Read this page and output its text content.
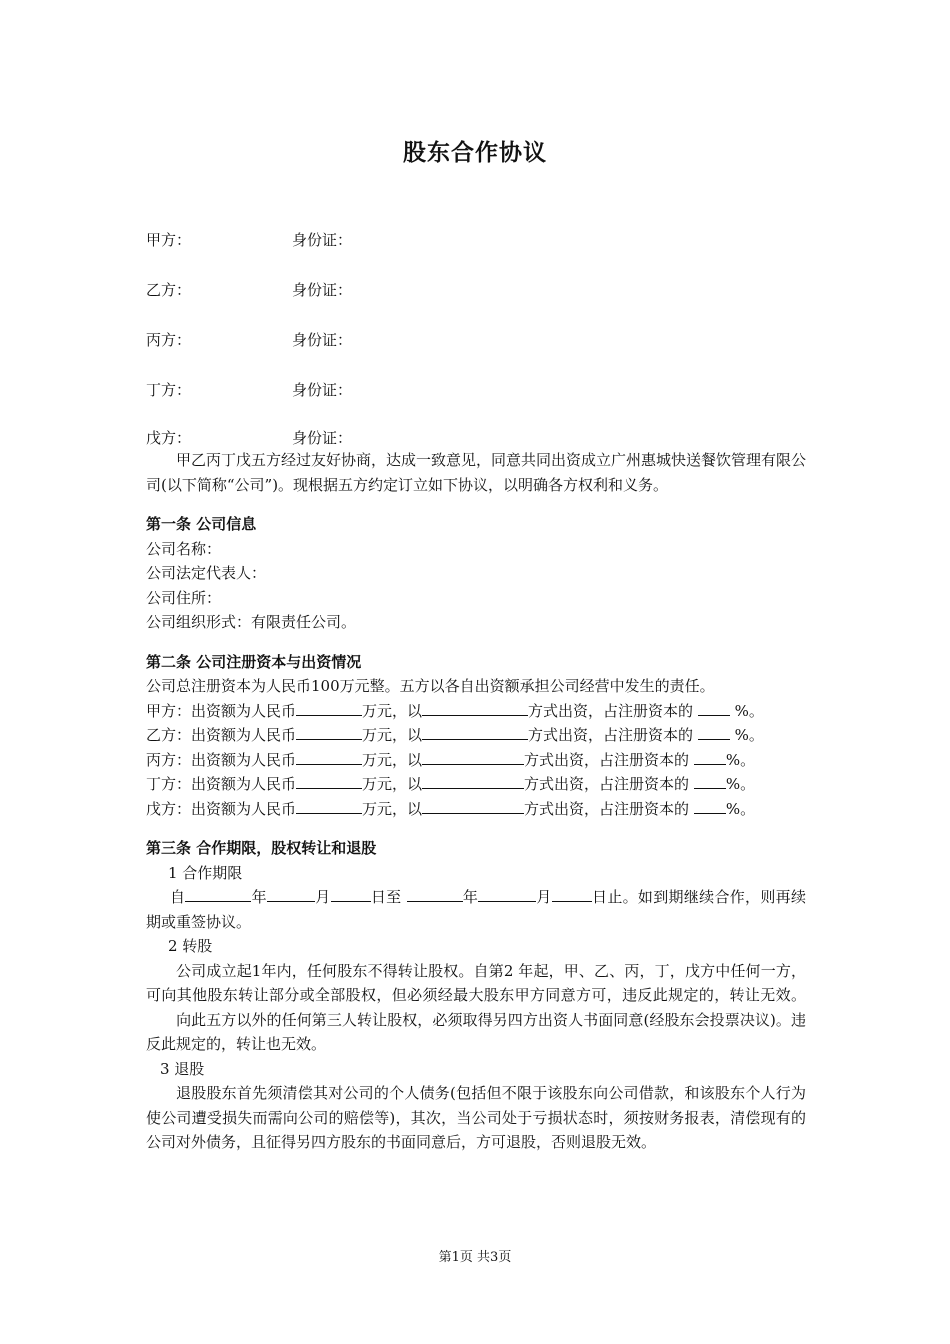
股东合作协议
甲方：	身份证：
乙方：	身份证：
丙方：	身份证：
丁方：	身份证：
戊方：	身份证：

甲乙丙丁戊五方经过友好协商，达成一致意见，同意共同出资成立广州惠城快送餐饮管理有限公司(以下简称“公司”)。现根据五方约定订立如下协议，以明确各方权利和义务。

第一条 公司信息

公司名称：

公司法定代表人：

公司住所：

公司组织形式：有限责任公司。

第二条 公司注册资本与出资情况

公司总注册资本为人民币100万元整。五方以各自出资额承担公司经营中发生的责任。

甲方：出资额为人民币	万元，以	方式出资，占注册资本的	%。

乙方：出资额为人民币	万元，以	方式出资，占注册资本的	%。

丙方：出资额为人民币	万元，以	方式出资，占注册资本的 %。

丁方：出资额为人民币	万元，以	方式出资，占注册资本的 %。

戊方：出资额为人民币	万元，以	方式出资，占注册资本的 %。

第三条 合作期限，股权转让和退股

1 合作期限

自	年	月	日至	年	月	日止。如到期继续合作，则再续期或重签协议。

2 转股

公司成立起1年内，任何股东不得转让股权。自第2 年起，甲、乙、丙，丁，戊方中任何一方，可向其他股东转让部分或全部股权，但必须经最大股东甲方同意方可，违反此规定的，转让无效。向此五方以外的任何第三人转让股权，必须取得另四方出资人书面同意(经股东会投票决议)。违反此规定的，转让也无效。

3 退股

退股股东首先须清偿其对公司的个人债务(包括但不限于该股东向公司借款，和该股东个人行为使公司遭受损失而需向公司的赔偿等)，其次，当公司处于亏损状态时，须按财务报表，清偿现有的公司对外债务，且征得另四方股东的书面同意后，方可退股，否则退股无效。

第1页 共3页
